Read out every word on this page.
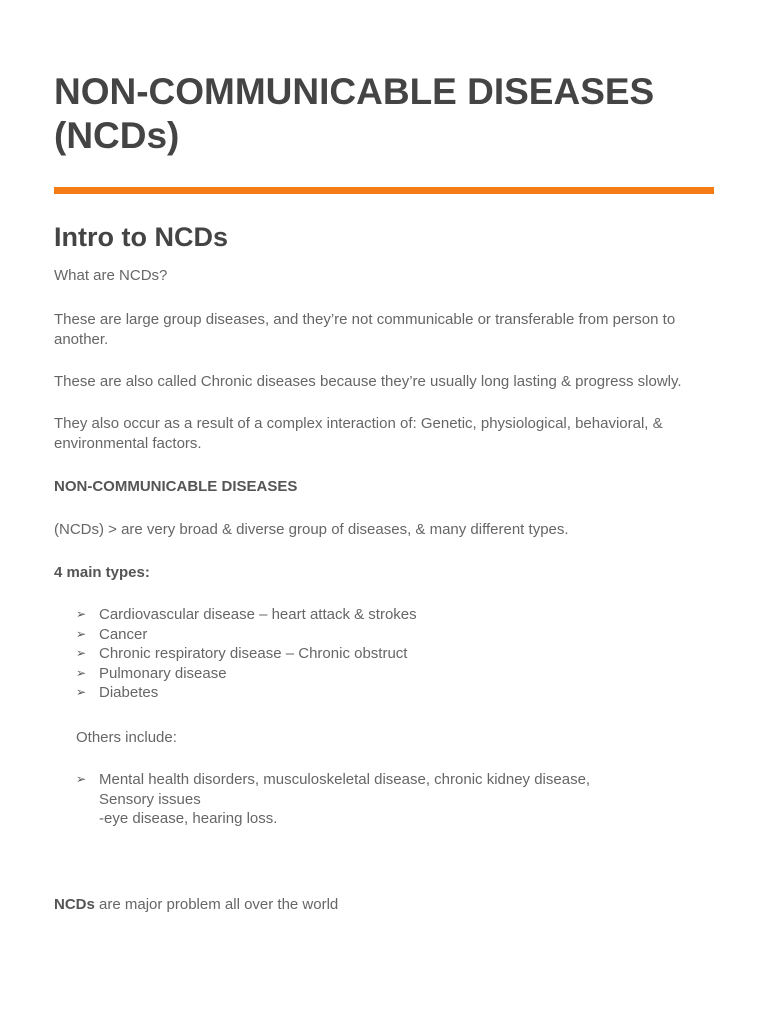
NON-COMMUNICABLE DISEASES
(NCDs)
Intro to NCDs

What are NCDs?

These are large group diseases, and they’re not communicable or transferable from person to another.

These are also called Chronic diseases because they’re usually long lasting & progress slowly.

They also occur as a result of a complex interaction of: Genetic, physiological, behavioral, & environmental factors.

NON-COMMUNICABLE DISEASES

(NCDs) > are very broad & diverse group of diseases, & many different types.

4 main types:

➢ Cardiovascular disease – heart attack & strokes
➢ Cancer
➢ Chronic respiratory disease – Chronic obstruct
➢ Pulmonary disease
➢ Diabetes

Others include:

➢ Mental health disorders, musculoskeletal disease, chronic kidney disease,
Sensory issues
-eye disease, hearing loss.

NCDs are major problem all over the world
